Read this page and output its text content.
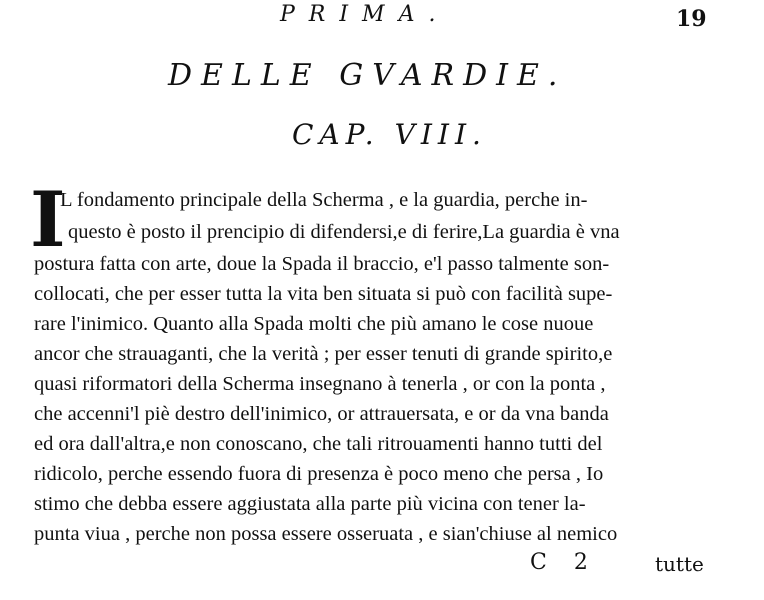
PRIMA.	19
DELLE GVARDIE.
CAP. VIII.
I
L fondamento principale della Scherma , e la guardia, perche in-
questo è posto il prencipio di difendersi,e di ferire,La guardia è vna
postura fatta con arte, doue la Spada il braccio, e'l passo talmente son-
collocati, che per esser tutta la vita ben situata si può con facilità supe-
rare l'inimico. Quanto alla Spada molti che più amano le cose nuoue
ancor che strauaganti, che la verità ; per esser tenuti di grande spirito,e
quasi riformatori della Scherma insegnano à tenerla , or con la ponta ,
che accenni'l piè destro dell'inimico, or attrauersata, e or da vna banda
ed ora dall'altra,e non conoscano, che tali ritrouamenti hanno tutti del
ridicolo, perche essendo fuora di presenza è poco meno che persa , Io
stimo che debba essere aggiustata alla parte più vicina con tener la-
punta viua , perche non possa essere osseruata , e sian'chiuse al nemico
C 2	tutte
